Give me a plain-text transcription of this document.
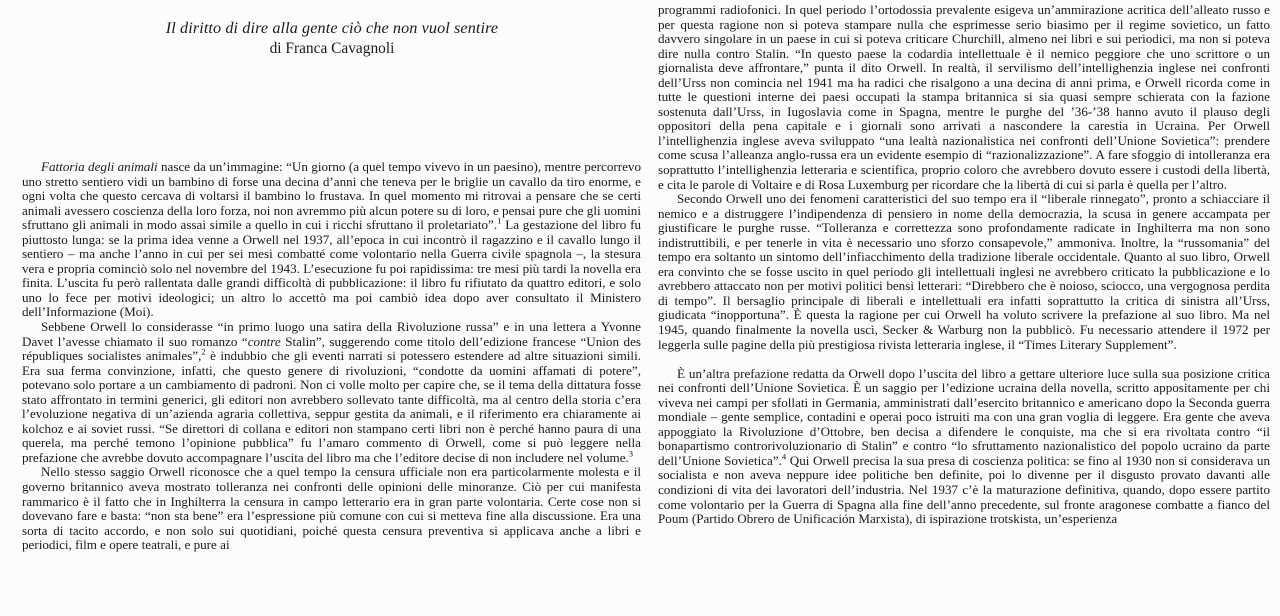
Il diritto di dire alla gente ciò che non vuol sentire
di Franca Cavagnoli

Fattoria degli animali nasce da un’immagine: “Un giorno (a quel tempo vivevo in un paesino), mentre percorrevo uno stretto sentiero vidi un bambino di forse una decina d’anni che teneva per le briglie un cavallo da tiro enorme, e ogni volta che questo cercava di voltarsi il bambino lo frustava. In quel momento mi ritrovai a pensare che se certi animali avessero coscienza della loro forza, noi non avremmo più alcun potere su di loro, e pensai pure che gli uomini sfruttano gli animali in modo assai simile a quello in cui i ricchi sfruttano il proletariato”.$^1$ La gestazione del libro fu piuttosto lunga: se la prima idea venne a Orwell nel 1937, all’epoca in cui incontrò il ragazzino e il cavallo lungo il sentiero – ma anche l’anno in cui per sei mesi combatté come volontario nella Guerra civile spagnola –, la stesura vera e propria cominciò solo nel novembre del 1943. L’esecuzione fu poi rapidissima: tre mesi più tardi la novella era finita. L’uscita fu però rallentata dalle grandi difficoltà di pubblicazione: il libro fu rifiutato da quattro editori, e solo uno lo fece per motivi ideologici; un altro lo accettò ma poi cambiò idea dopo aver consultato il Ministero dell’Informazione (Moi).

Sebbene Orwell lo considerasse “in primo luogo una satira della Rivoluzione russa” e in una lettera a Yvonne Davet l’avesse chiamato il suo romanzo “contre Stalin”, suggerendo come titolo dell’edizione francese “Union des républiques socialistes animales”,$^2$ è indubbio che gli eventi narrati si potessero estendere ad altre situazioni simili. Era sua ferma convinzione, infatti, che questo genere di rivoluzioni, “condotte da uomini affamati di potere”, potevano solo portare a un cambiamento di padroni. Non ci volle molto per capire che, se il tema della dittatura fosse stato affrontato in termini generici, gli editori non avrebbero sollevato tante difficoltà, ma al centro della storia c’era l’evoluzione negativa di un’azienda agraria collettiva, seppur gestita da animali, e il riferimento era chiaramente ai kolchoz e ai soviet russi. “Se direttori di collana e editori non stampano certi libri non è perché hanno paura di una querela, ma perché temono l’opinione pubblica” fu l’amaro commento di Orwell, come si può leggere nella prefazione che avrebbe dovuto accompagnare l’uscita del libro ma che l’editore decise di non includere nel volume.$^3$

Nello stesso saggio Orwell riconosce che a quel tempo la censura ufficiale non era particolarmente molesta e il governo britannico aveva mostrato tolleranza nei confronti delle opinioni delle minoranze. Ciò per cui manifesta rammarico è il fatto che in Inghilterra la censura in campo letterario era in gran parte volontaria. Certe cose non si dovevano fare e basta: “non sta bene” era l’espressione più comune con cui si metteva fine alla discussione. Era una sorta di tacito accordo, e non solo sui quotidiani, poiché questa censura preventiva si applicava anche a libri e periodici, film e opere teatrali, e pure ai

programmi radiofonici. In quel periodo l’ortodossia prevalente esigeva un’ammirazione acritica dell’alleato russo e per questa ragione non si poteva stampare nulla che esprimesse serio biasimo per il regime sovietico, un fatto davvero singolare in un paese in cui si poteva criticare Churchill, almeno nei libri e sui periodici, ma non si poteva dire nulla contro Stalin. “In questo paese la codardia intellettuale è il nemico peggiore che uno scrittore o un giornalista deve affrontare,” punta il dito Orwell. In realtà, il servilismo dell’intellighenzia inglese nei confronti dell’Urss non comincia nel 1941 ma ha radici che risalgono a una decina di anni prima, e Orwell ricorda come in tutte le questioni interne dei paesi occupati la stampa britannica si sia quasi sempre schierata con la fazione sostenuta dall’Urss, in Iugoslavia come in Spagna, mentre le purghe del ’36-’38 hanno avuto il plauso degli oppositori della pena capitale e i giornali sono arrivati a nascondere la carestia in Ucraina. Per Orwell l’intellighenzia inglese aveva sviluppato “una lealtà nazionalistica nei confronti dell’Unione Sovietica”: prendere come scusa l’alleanza anglo-russa era un evidente esempio di “razionalizzazione”. A fare sfoggio di intolleranza era soprattutto l’intellighenzia letteraria e scientifica, proprio coloro che avrebbero dovuto essere i custodi della libertà, e cita le parole di Voltaire e di Rosa Luxemburg per ricordare che la libertà di cui si parla è quella per l’altro.

Secondo Orwell uno dei fenomeni caratteristici del suo tempo era il “liberale rinnegato”, pronto a schiacciare il nemico e a distruggere l’indipendenza di pensiero in nome della democrazia, la scusa in genere accampata per giustificare le purghe russe. “Tolleranza e correttezza sono profondamente radicate in Inghilterra ma non sono indistruttibili, e per tenerle in vita è necessario uno sforzo consapevole,” ammoniva. Inoltre, la “russomania” del tempo era soltanto un sintomo dell’infiacchimento della tradizione liberale occidentale. Quanto al suo libro, Orwell era convinto che se fosse uscito in quel periodo gli intellettuali inglesi ne avrebbero criticato la pubblicazione e lo avrebbero attaccato non per motivi politici bensì letterari: “Direbbero che è noioso, sciocco, una vergognosa perdita di tempo”. Il bersaglio principale di liberali e intellettuali era infatti soprattutto la critica di sinistra all’Urss, giudicata “inopportuna”. È questa la ragione per cui Orwell ha voluto scrivere la prefazione al suo libro. Ma nel 1945, quando finalmente la novella uscì, Secker & Warburg non la pubblicò. Fu necessario attendere il 1972 per leggerla sulle pagine della più prestigiosa rivista letteraria inglese, il “Times Literary Supplement”.

È un’altra prefazione redatta da Orwell dopo l’uscita del libro a gettare ulteriore luce sulla sua posizione critica nei confronti dell’Unione Sovietica. È un saggio per l’edizione ucraina della novella, scritto appositamente per chi viveva nei campi per sfollati in Germania, amministrati dall’esercito britannico e americano dopo la Seconda guerra mondiale – gente semplice, contadini e operai poco istruiti ma con una gran voglia di leggere. Era gente che aveva appoggiato la Rivoluzione d’Ottobre, ben decisa a difendere le conquiste, ma che si era rivoltata contro “il bonapartismo controrivoluzionario di Stalin” e contro “lo sfruttamento nazionalistico del popolo ucraino da parte dell’Unione Sovietica”.$^4$ Qui Orwell precisa la sua presa di coscienza politica: se fino al 1930 non si considerava un socialista e non aveva neppure idee politiche ben definite, poi lo divenne per il disgusto provato davanti alle condizioni di vita dei lavoratori dell’industria. Nel 1937 c’è la maturazione definitiva, quando, dopo essere partito come volontario per la Guerra di Spagna alla fine dell’anno precedente, sul fronte aragonese combatte a fianco del Poum (Partido Obrero de Unificación Marxista), di ispirazione trotskista, un’esperienza
